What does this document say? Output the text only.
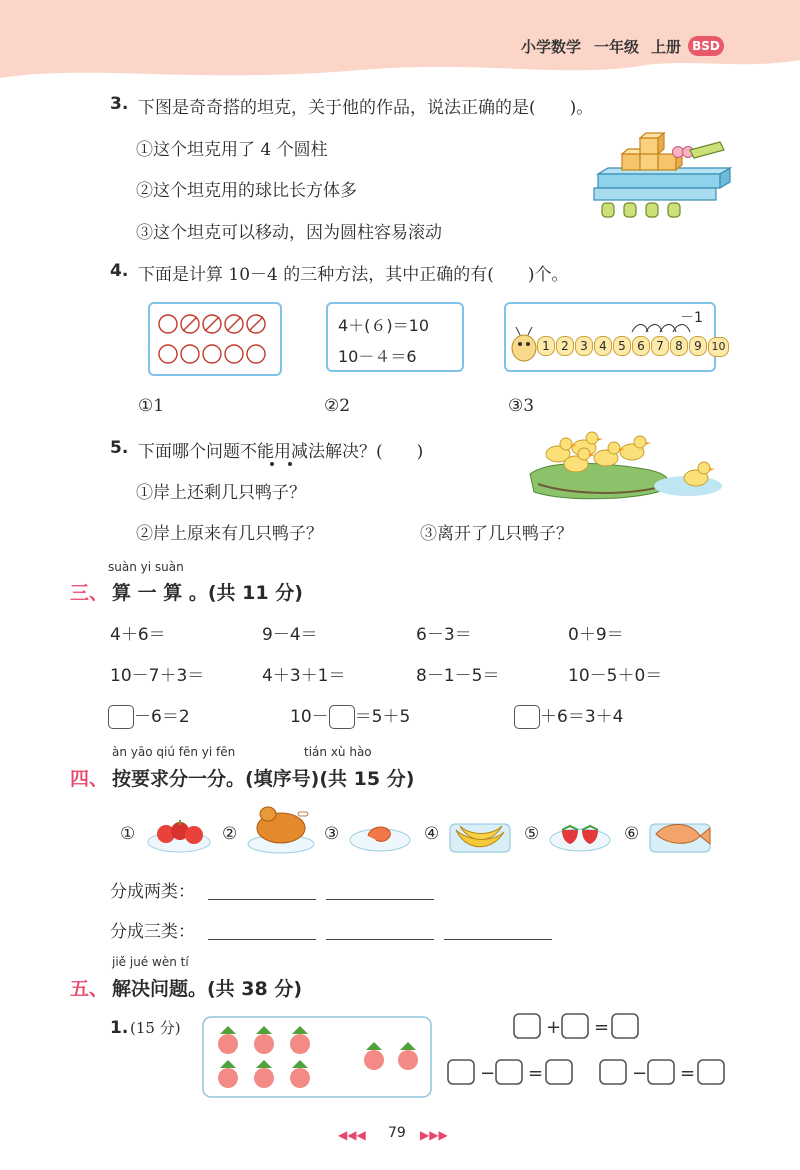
小学数学 一年级 上册 BSD
3. 下图是奇奇搭的坦克，关于他的作品，说法正确的是(　　)。
①这个坦克用了 4 个圆柱
②这个坦克用的球比长方体多
③这个坦克可以移动，因为圆柱容易滚动
4. 下面是计算 10－4 的三种方法，其中正确的有(　　)个。
4＋(６)＝10
10－４＝6
－1
1 2 3 4 5 6 7 8 9 10
①1	②2	③3
5. 下面哪个问题不能用减法解决？(　　)
①岸上还剩几只鸭子？
②岸上原来有几只鸭子？	③离开了几只鸭子？
suàn yi suàn
三、 算 一 算 。(共 11 分)
4＋6＝	9－4＝	6－3＝	0＋9＝
10－7＋3＝	4＋3＋1＝	8－1－5＝	10－5＋0＝
－6＝2	10－ ＝5＋5	＋6＝3＋4
àn yāo qiú fēn yi fēn	tián xù hào
四、 按要求分一分。(填序号)(共 15 分)
①	②	③	④	⑤	⑥
分成两类：
分成三类：
jiě jué wèn tí
五、 解决问题。(共 38 分)
1. (15 分)	+ =
− =	− =
◀◀◀ 79 ▶▶▶
